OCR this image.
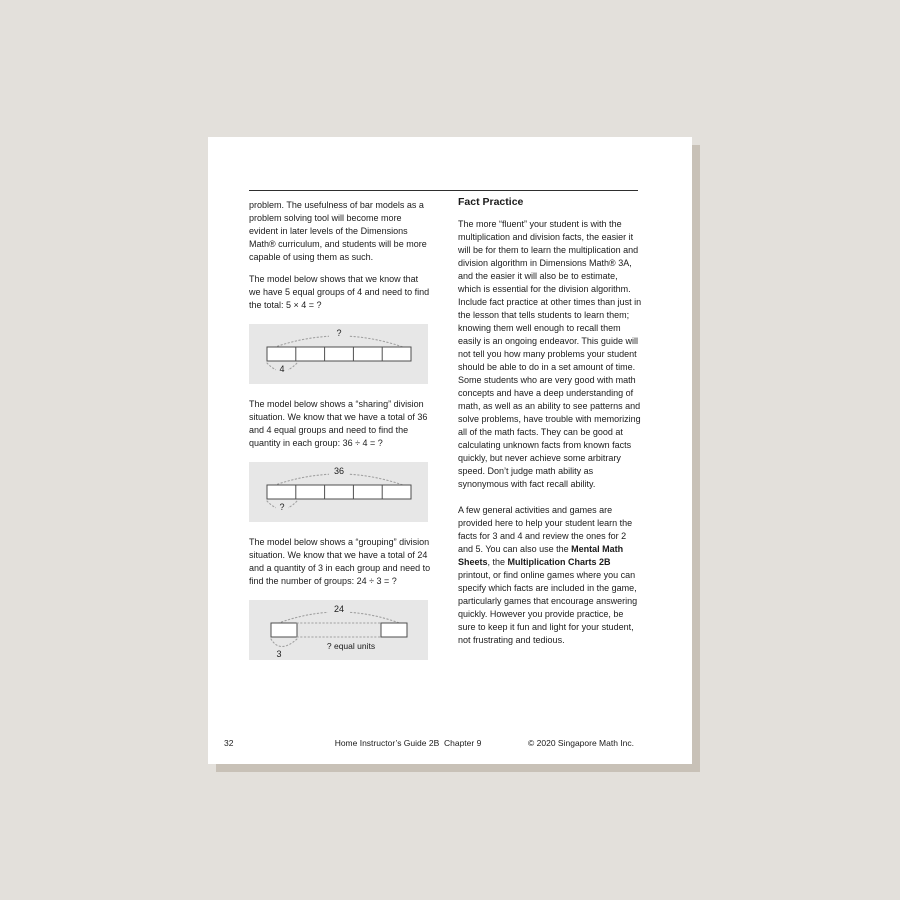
problem. The usefulness of bar models as a problem solving tool will become more evident in later levels of the Dimensions Math® curriculum, and students will be more capable of using them as such.

The model below shows that we know that we have 5 equal groups of 4 and need to find the total: 5 × 4 = ?

?
4

The model below shows a “sharing” division situation. We know that we have a total of 36 and 4 equal groups and need to find the quantity in each group: 36 ÷ 4 = ?

36
?

The model below shows a “grouping” division situation. We know that we have a total of 24 and a quantity of 3 in each group and need to find the number of groups: 24 ÷ 3 = ?

24
? equal units
3
Fact Practice

The more “fluent” your student is with the multiplication and division facts, the easier it will be for them to learn the multiplication and division algorithm in Dimensions Math® 3A, and the easier it will also be to estimate, which is essential for the division algorithm. Include fact practice at other times than just in the lesson that tells students to learn them; knowing them well enough to recall them easily is an ongoing endeavor. This guide will not tell you how many problems your student should be able to do in a set amount of time. Some students who are very good with math concepts and have a deep understanding of math, as well as an ability to see patterns and solve problems, have trouble with memorizing all of the math facts. They can be good at calculating unknown facts from known facts quickly, but never achieve some arbitrary speed. Don’t judge math ability as synonymous with fact recall ability.

A few general activities and games are provided here to help your student learn the facts for 3 and 4 and review the ones for 2 and 5. You can also use the Mental Math Sheets, the Multiplication Charts 2B printout, or find online games where you can specify which facts are included in the game, particularly games that encourage answering quickly. However you provide practice, be sure to keep it fun and light for your student, not frustrating and tedious.

32	Home Instructor’s Guide 2B  Chapter 9	© 2020 Singapore Math Inc.
